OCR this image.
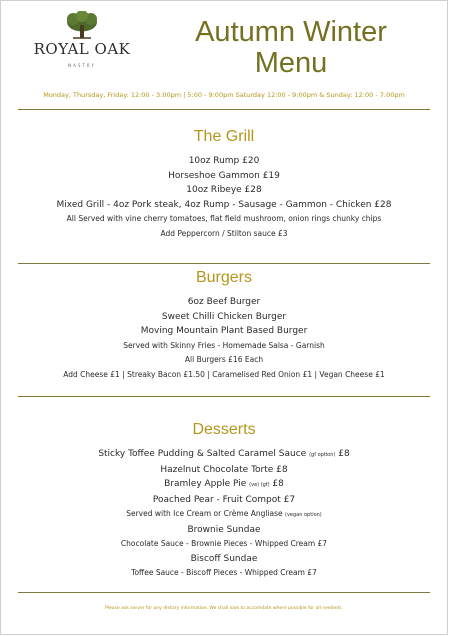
ROYAL OAK
NASTRY
Autumn Winter
Menu
Monday, Thursday, Friday: 12:00 - 3:00pm | 5:00 - 9:00pm Saturday 12:00 - 9:00pm & Sunday: 12:00 - 7:00pm
The Grill
10oz Rump £20
Horseshoe Gammon £19
10oz Ribeye £28
Mixed Grill - 4oz Pork steak, 4oz Rump - Sausage - Gammon - Chicken £28
All Served with vine cherry tomatoes, flat field mushroom, onion rings chunky chips
Add Peppercorn / Stilton sauce £3
Burgers
6oz Beef Burger
Sweet Chilli Chicken Burger
Moving Mountain Plant Based Burger
Served with Skinny Fries - Homemade Salsa - Garnish
All Burgers £16 Each
Add Cheese £1 | Streaky Bacon £1.50 | Caramelised Red Onion £1 | Vegan Cheese £1
Desserts
Sticky Toffee Pudding & Salted Caramel Sauce (gf option) £8
Hazelnut Chocolate Torte £8
Bramley Apple Pie (ve) (gf) £8
Poached Pear - Fruit Compot £7
Served with Ice Cream or Crème Angliase (vegan option)
Brownie Sundae
Chocolate Sauce - Brownie Pieces - Whipped Cream £7
Biscoff Sundae
Toffee Sauce - Biscoff Pieces - Whipped Cream £7
Please ask server for any dietary information. We shall look to accomdate where possible for all neededs.
